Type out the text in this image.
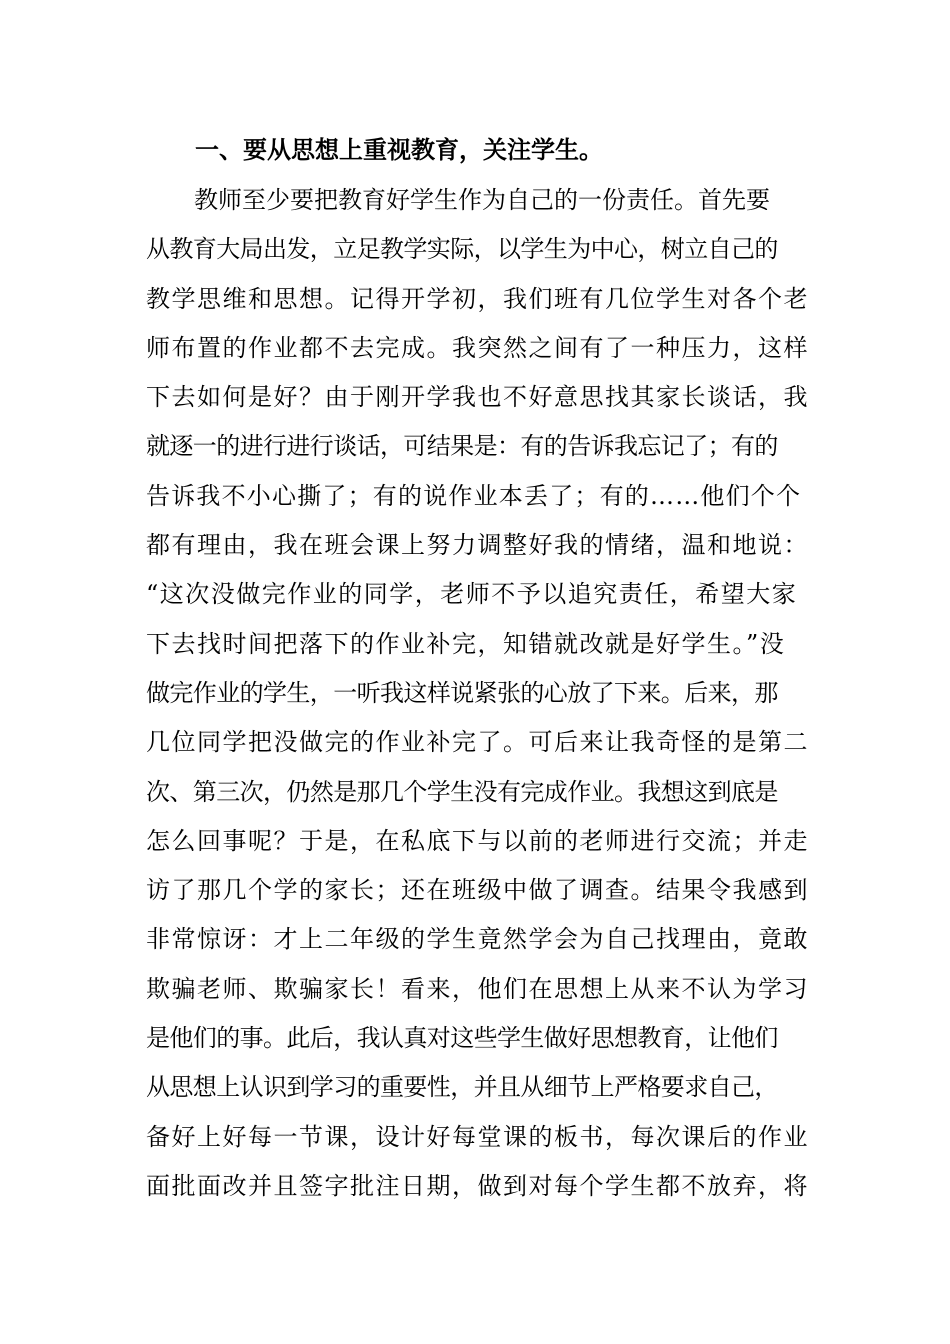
一、要从思想上重视教育，关注学生。
教师至少要把教育好学生作为自己的一份责任。首先要
从教育大局出发，立足教学实际，以学生为中心，树立自己的
教学思维和思想。记得开学初，我们班有几位学生对各个老
师布置的作业都不去完成。我突然之间有了一种压力，这样
下去如何是好？由于刚开学我也不好意思找其家长谈话，我
就逐一的进行进行谈话，可结果是：有的告诉我忘记了；有的
告诉我不小心撕了；有的说作业本丢了；有的……他们个个
都有理由，我在班会课上努力调整好我的情绪，温和地说：
“这次没做完作业的同学，老师不予以追究责任，希望大家
下去找时间把落下的作业补完，知错就改就是好学生。”没
做完作业的学生，一听我这样说紧张的心放了下来。后来，那
几位同学把没做完的作业补完了。可后来让我奇怪的是第二
次、第三次，仍然是那几个学生没有完成作业。我想这到底是
怎么回事呢？于是，在私底下与以前的老师进行交流；并走
访了那几个学的家长；还在班级中做了调查。结果令我感到
非常惊讶：才上二年级的学生竟然学会为自己找理由，竟敢
欺骗老师、欺骗家长！看来，他们在思想上从来不认为学习
是他们的事。此后，我认真对这些学生做好思想教育，让他们
从思想上认识到学习的重要性，并且从细节上严格要求自己，
备好上好每一节课，设计好每堂课的板书，每次课后的作业
面批面改并且签字批注日期，做到对每个学生都不放弃，将
